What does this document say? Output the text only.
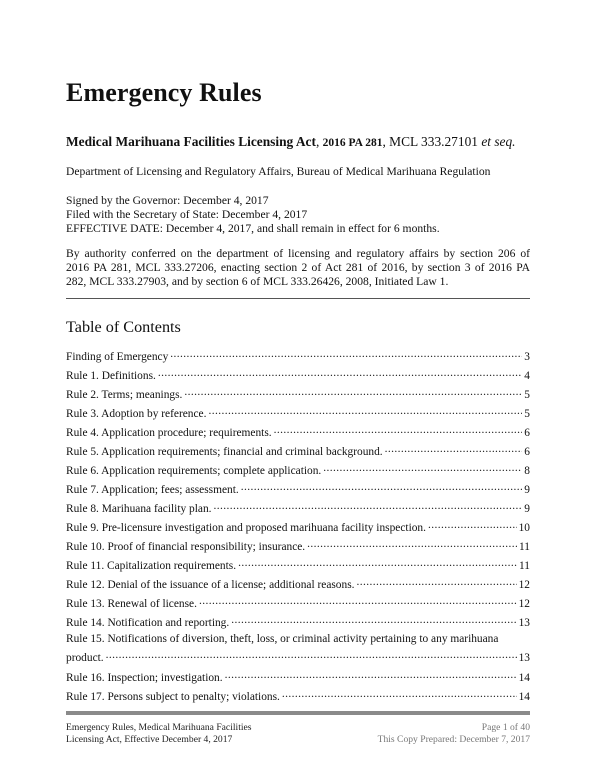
Emergency Rules
Medical Marihuana Facilities Licensing Act, 2016 PA 281, MCL 333.27101 et seq.
Department of Licensing and Regulatory Affairs, Bureau of Medical Marihuana Regulation
Signed by the Governor: December 4, 2017
Filed with the Secretary of State: December 4, 2017
EFFECTIVE DATE: December 4, 2017, and shall remain in effect for 6 months.
By authority conferred on the department of licensing and regulatory affairs by section 206 of
2016 PA 281, MCL 333.27206, enacting section 2 of Act 281 of 2016, by section 3 of 2016 PA
282, MCL 333.27903, and by section 6 of MCL 333.26426, 2008, Initiated Law 1.
Table of Contents
Finding of Emergency .....	3
Rule 1. Definitions. .....	4
Rule 2. Terms; meanings. .....	5
Rule 3. Adoption by reference. .....	5
Rule 4. Application procedure; requirements. .....	6
Rule 5. Application requirements; financial and criminal background. .....	6
Rule 6. Application requirements; complete application. .....	8
Rule 7. Application; fees; assessment. .....	9
Rule 8. Marihuana facility plan. .....	9
Rule 9. Pre-licensure investigation and proposed marihuana facility inspection. .....	10
Rule 10. Proof of financial responsibility; insurance. .....	11
Rule 11. Capitalization requirements. .....	11
Rule 12. Denial of the issuance of a license; additional reasons. .....	12
Rule 13. Renewal of license. .....	12
Rule 14. Notification and reporting. .....	13
Rule 15. Notifications of diversion, theft, loss, or criminal activity pertaining to any marihuana
product. .....	13
Rule 16. Inspection; investigation. .....	14
Rule 17. Persons subject to penalty; violations. .....	14
Emergency Rules, Medical Marihuana Facilities
Licensing Act, Effective December 4, 2017
Page 1 of 40
This Copy Prepared: December 7, 2017
